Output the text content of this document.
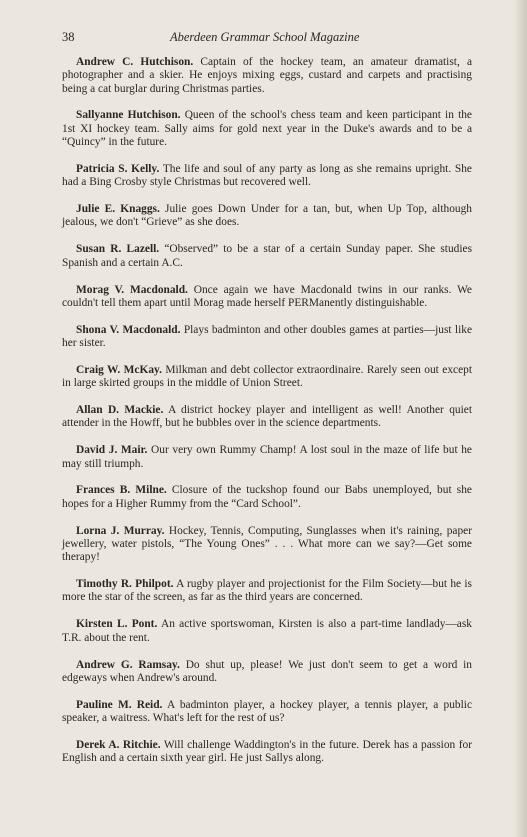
38	Aberdeen Grammar School Magazine

Andrew C. Hutchison. Captain of the hockey team, an amateur dramatist, a photographer and a skier. He enjoys mixing eggs, custard and carpets and practising being a cat burglar during Christmas parties.

Sallyanne Hutchison. Queen of the school's chess team and keen participant in the 1st XI hockey team. Sally aims for gold next year in the Duke's awards and to be a “Quincy” in the future.

Patricia S. Kelly. The life and soul of any party as long as she remains upright. She had a Bing Crosby style Christmas but recovered well.

Julie E. Knaggs. Julie goes Down Under for a tan, but, when Up Top, although jealous, we don't “Grieve” as she does.

Susan R. Lazell. “Observed” to be a star of a certain Sunday paper. She studies Spanish and a certain A.C.

Morag V. Macdonald. Once again we have Macdonald twins in our ranks. We couldn't tell them apart until Morag made herself PERManently distinguishable.

Shona V. Macdonald. Plays badminton and other doubles games at parties—just like her sister.

Craig W. McKay. Milkman and debt collector extraordinaire. Rarely seen out except in large skirted groups in the middle of Union Street.

Allan D. Mackie. A district hockey player and intelligent as well! Another quiet attender in the Howff, but he bubbles over in the science departments.

David J. Mair. Our very own Rummy Champ! A lost soul in the maze of life but he may still triumph.

Frances B. Milne. Closure of the tuckshop found our Babs unemployed, but she hopes for a Higher Rummy from the “Card School”.

Lorna J. Murray. Hockey, Tennis, Computing, Sunglasses when it's raining, paper jewellery, water pistols, “The Young Ones” . . . What more can we say?—Get some therapy!

Timothy R. Philpot. A rugby player and projectionist for the Film Society—but he is more the star of the screen, as far as the third years are concerned.

Kirsten L. Pont. An active sportswoman, Kirsten is also a part-time landlady—ask T.R. about the rent.

Andrew G. Ramsay. Do shut up, please! We just don't seem to get a word in edgeways when Andrew's around.

Pauline M. Reid. A badminton player, a hockey player, a tennis player, a public speaker, a waitress. What's left for the rest of us?

Derek A. Ritchie. Will challenge Waddington's in the future. Derek has a passion for English and a certain sixth year girl. He just Sallys along.
